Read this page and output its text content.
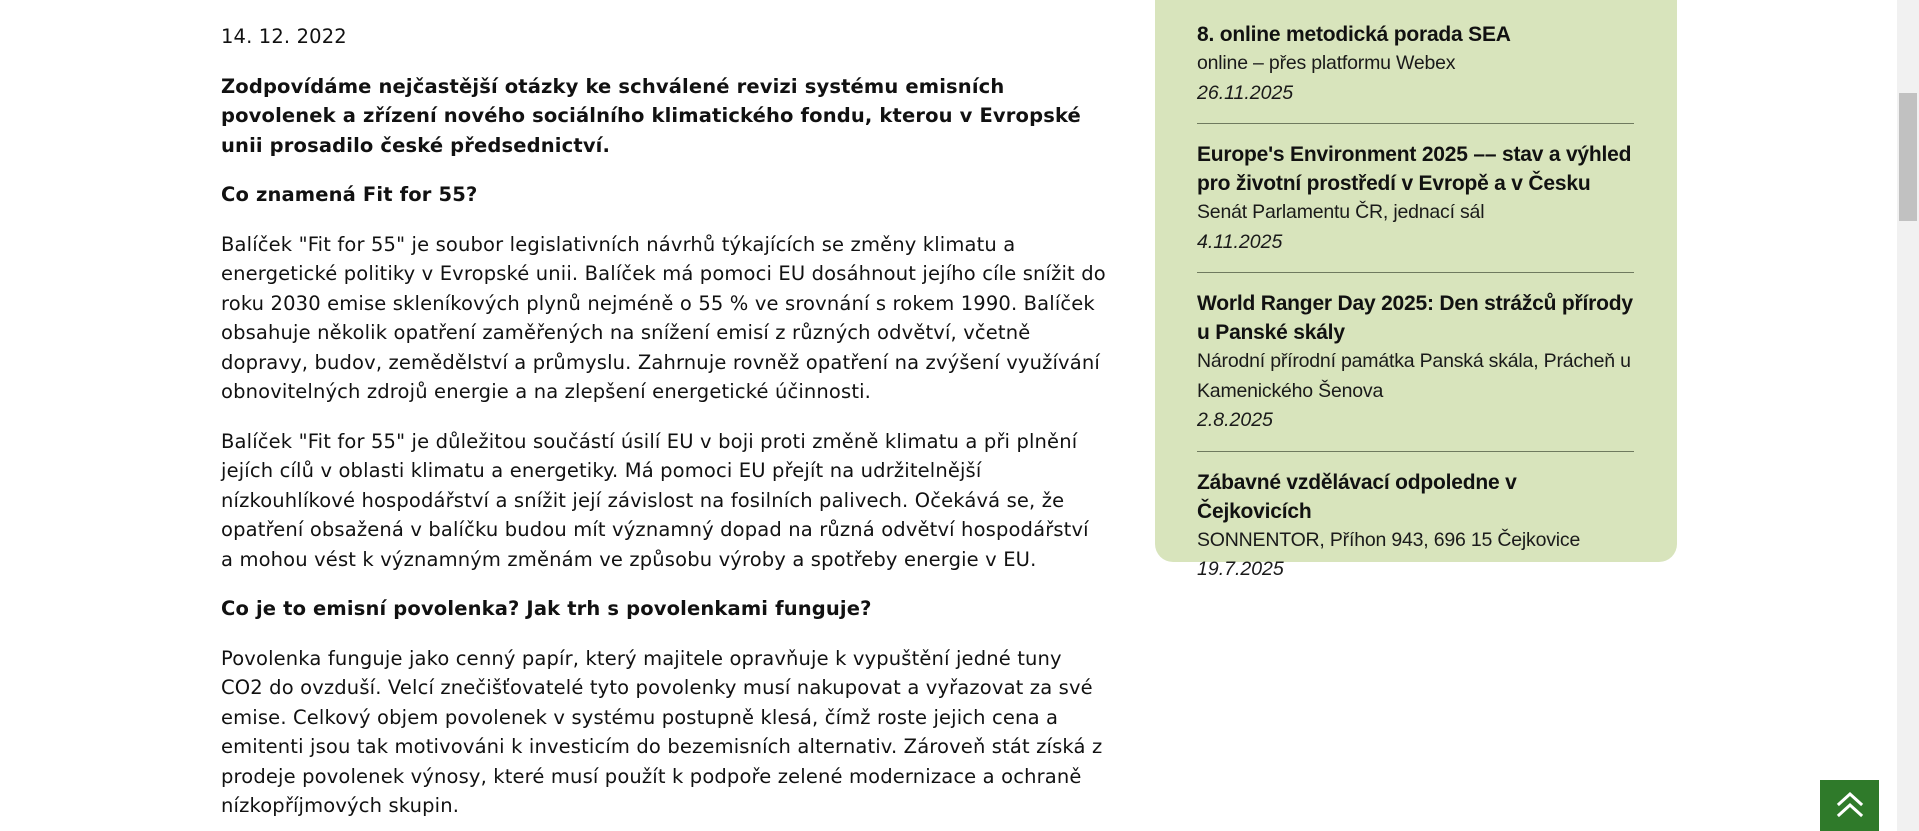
14. 12. 2022

Zodpovídáme nejčastější otázky ke schválené revizi systému emisních povolenek a zřízení nového sociálního klimatického fondu, kterou v Evropské unii prosadilo české předsednictví.

Co znamená Fit for 55?

Balíček "Fit for 55" je soubor legislativních návrhů týkajících se změny klimatu a energetické politiky v Evropské unii. Balíček má pomoci EU dosáhnout jejího cíle snížit do roku 2030 emise skleníkových plynů nejméně o 55 % ve srovnání s rokem 1990. Balíček obsahuje několik opatření zaměřených na snížení emisí z různých odvětví, včetně dopravy, budov, zemědělství a průmyslu. Zahrnuje rovněž opatření na zvýšení využívání obnovitelných zdrojů energie a na zlepšení energetické účinnosti.

Balíček "Fit for 55" je důležitou součástí úsilí EU v boji proti změně klimatu a při plnění jejích cílů v oblasti klimatu a energetiky. Má pomoci EU přejít na udržitelnější nízkouhlíkové hospodářství a snížit její závislost na fosilních palivech. Očekává se, že opatření obsažená v balíčku budou mít významný dopad na různá odvětví hospodářství a mohou vést k významným změnám ve způsobu výroby a spotřeby energie v EU.

Co je to emisní povolenka? Jak trh s povolenkami funguje?

Povolenka funguje jako cenný papír, který majitele opravňuje k vypuštění jedné tuny CO2 do ovzduší. Velcí znečišťovatelé tyto povolenky musí nakupovat a vyřazovat za své emise. Celkový objem povolenek v systému postupně klesá, čímž roste jejich cena a emitenti jsou tak motivováni k investicím do bezemisních alternativ. Zároveň stát získá z prodeje povolenek výnosy, které musí použít k podpoře zelené modernizace a ochraně nízkopříjmových skupin.

8. online metodická porada SEA
online – přes platformu Webex
26.11.2025
Europe's Environment 2025 –– stav a výhled pro životní prostředí v Evropě a v Česku
Senát Parlamentu ČR, jednací sál
4.11.2025
World Ranger Day 2025: Den strážců přírody u Panské skály
Národní přírodní památka Panská skála, Prácheň u Kamenického Šenova
2.8.2025
Zábavné vzdělávací odpoledne v Čejkovicích
SONNENTOR, Příhon 943, 696 15 Čejkovice
19.7.2025
